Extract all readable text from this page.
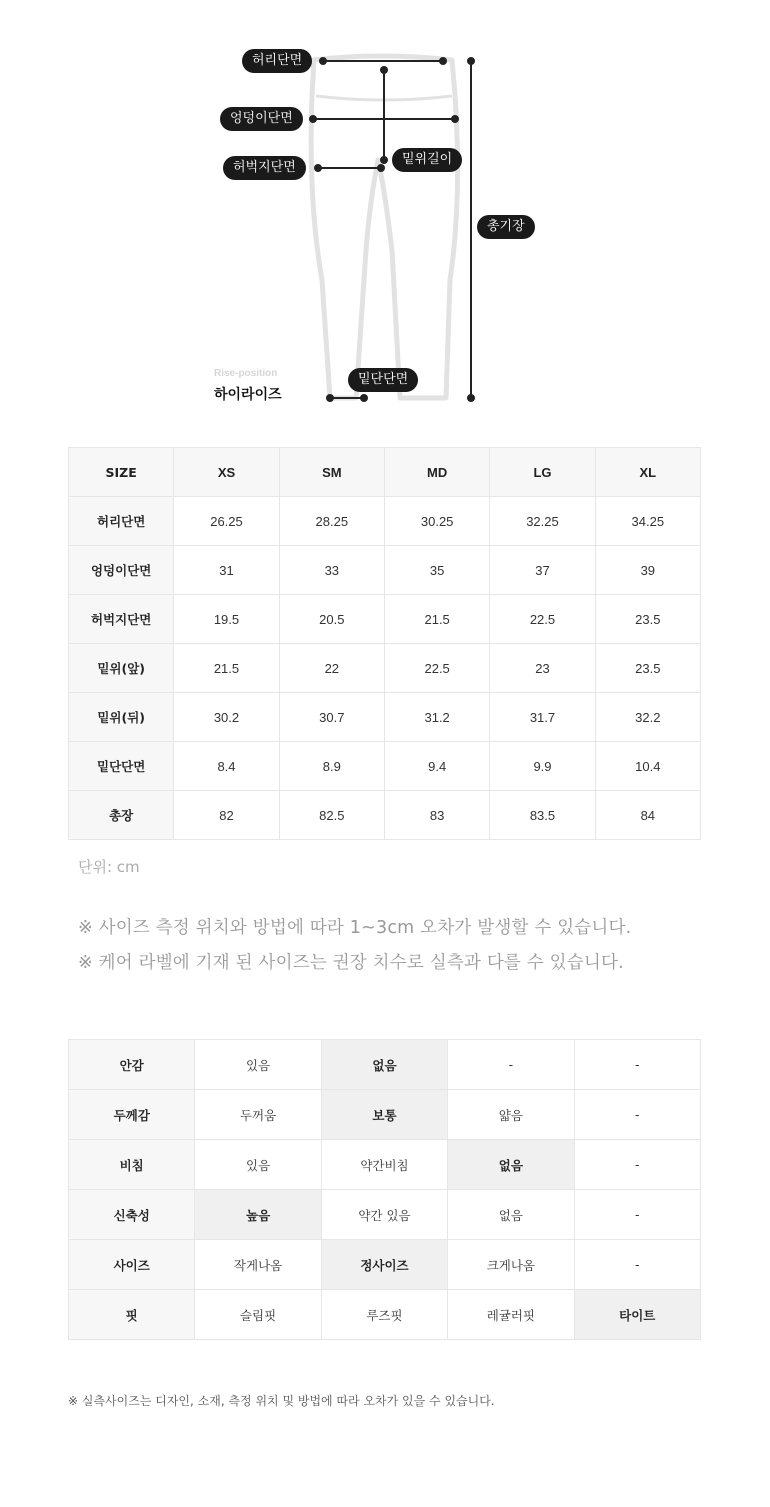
허리단면
엉덩이단면
허벅지단면
밑위길이
총기장
밑단단면
Rise-position
하이라이즈
SIZE	XS	SM	MD	LG	XL
허리단면	26.25	28.25	30.25	32.25	34.25
엉덩이단면	31	33	35	37	39
허벅지단면	19.5	20.5	21.5	22.5	23.5
밑위(앞)	21.5	22	22.5	23	23.5
밑위(뒤)	30.2	30.7	31.2	31.7	32.2
밑단단면	8.4	8.9	9.4	9.9	10.4
총장	82	82.5	83	83.5	84
단위: cm
※ 사이즈 측정 위치와 방법에 따라 1~3cm 오차가 발생할 수 있습니다.
※ 케어 라벨에 기재 된 사이즈는 권장 치수로 실측과 다를 수 있습니다.
안감	있음	없음	-	-
두께감	두꺼움	보통	얇음	-
비침	있음	약간비침	없음	-
신축성	높음	약간 있음	없음	-
사이즈	작게나옴	정사이즈	크게나옴	-
핏	슬림핏	루즈핏	레귤러핏	타이트
※ 실측사이즈는 디자인, 소재, 측정 위치 및 방법에 따라 오차가 있을 수 있습니다.
